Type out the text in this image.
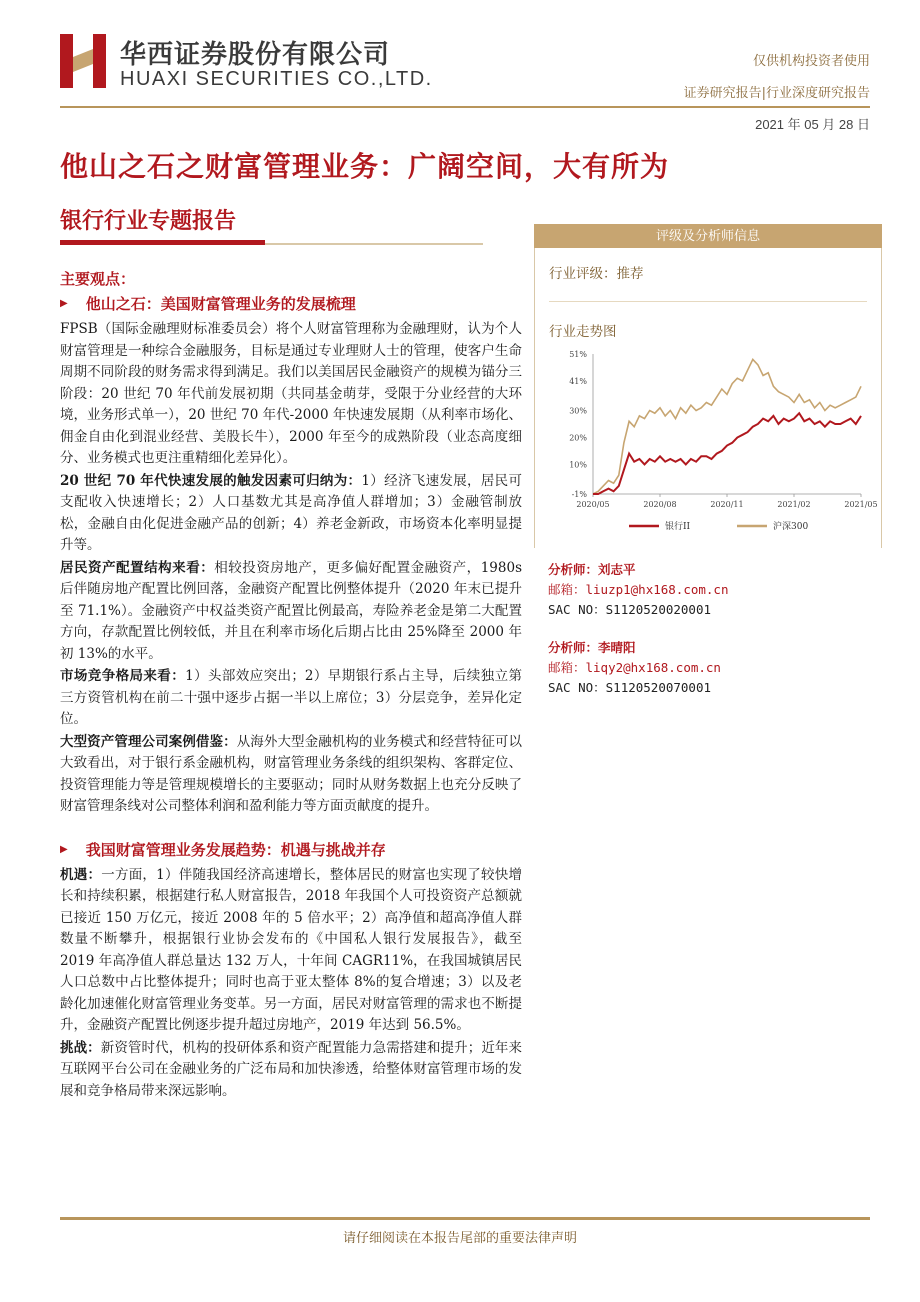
华西证券股份有限公司
HUAXI SECURITIES CO.,LTD.
仅供机构投资者使用
证券研究报告|行业深度研究报告
2021 年 05 月 28 日
他山之石之财富管理业务：广阔空间，大有所为
银行行业专题报告
主要观点：
▶ 他山之石：美国财富管理业务的发展梳理

FPSB（国际金融理财标准委员会）将个人财富管理称为金融理财，认为个人财富管理是一种综合金融服务，目标是通过专业理财人士的管理，使客户生命周期不同阶段的财务需求得到满足。我们以美国居民金融资产的规模为锚分三阶段：20 世纪 70 年代前发展初期（共同基金萌芽，受限于分业经营的大环境，业务形式单一），20 世纪 70 年代-2000 年快速发展期（从利率市场化、佣金自由化到混业经营、美股长牛），2000 年至今的成熟阶段（业态高度细分、业务模式也更注重精细化差异化）。

20 世纪 70 年代快速发展的触发因素可归纳为：1）经济飞速发展，居民可支配收入快速增长；2）人口基数尤其是高净值人群增加；3）金融管制放松，金融自由化促进金融产品的创新；4）养老金新政，市场资本化率明显提升等。

居民资产配置结构来看：相较投资房地产，更多偏好配置金融资产，1980s 后伴随房地产配置比例回落，金融资产配置比例整体提升（2020 年末已提升至 71.1%）。金融资产中权益类资产配置比例最高，寿险养老金是第二大配置方向，存款配置比例较低，并且在利率市场化后期占比由 25%降至 2000 年初 13%的水平。

市场竞争格局来看：1）头部效应突出；2）早期银行系占主导，后续独立第三方资管机构在前二十强中逐步占据一半以上席位；3）分层竞争，差异化定位。

大型资产管理公司案例借鉴：从海外大型金融机构的业务模式和经营特征可以大致看出，对于银行系金融机构，财富管理业务条线的组织架构、客群定位、投资管理能力等是管理规模增长的主要驱动；同时从财务数据上也充分反映了财富管理条线对公司整体利润和盈利能力等方面贡献度的提升。

▶ 我国财富管理业务发展趋势：机遇与挑战并存

机遇：一方面，1）伴随我国经济高速增长，整体居民的财富也实现了较快增长和持续积累，根据建行私人财富报告，2018 年我国个人可投资资产总额就已接近 150 万亿元，接近 2008 年的 5 倍水平；2）高净值和超高净值人群数量不断攀升，根据银行业协会发布的《中国私人银行发展报告》，截至 2019 年高净值人群总量达 132 万人，十年间 CAGR11%，在我国城镇居民人口总数中占比整体提升；同时也高于亚太整体 8%的复合增速；3）以及老龄化加速催化财富管理业务变革。另一方面，居民对财富管理的需求也不断提升，金融资产配置比例逐步提升超过房地产，2019 年达到 56.5%。

挑战：新资管时代，机构的投研体系和资产配置能力急需搭建和提升；近年来互联网平台公司在金融业务的广泛布局和加快渗透，给整体财富管理市场的发展和竞争格局带来深远影响。

评级及分析师信息
行业评级：推荐
行业走势图
-1%
10%
20%
30%
41%
51%
2020/05	2020/08	2020/11	2021/02	2021/05
银行II	沪深300
分析师：刘志平
邮箱：liuzp1@hx168.com.cn
SAC NO：S1120520020001
分析师：李晴阳
邮箱：liqy2@hx168.com.cn
SAC NO：S1120520070001
请仔细阅读在本报告尾部的重要法律声明
